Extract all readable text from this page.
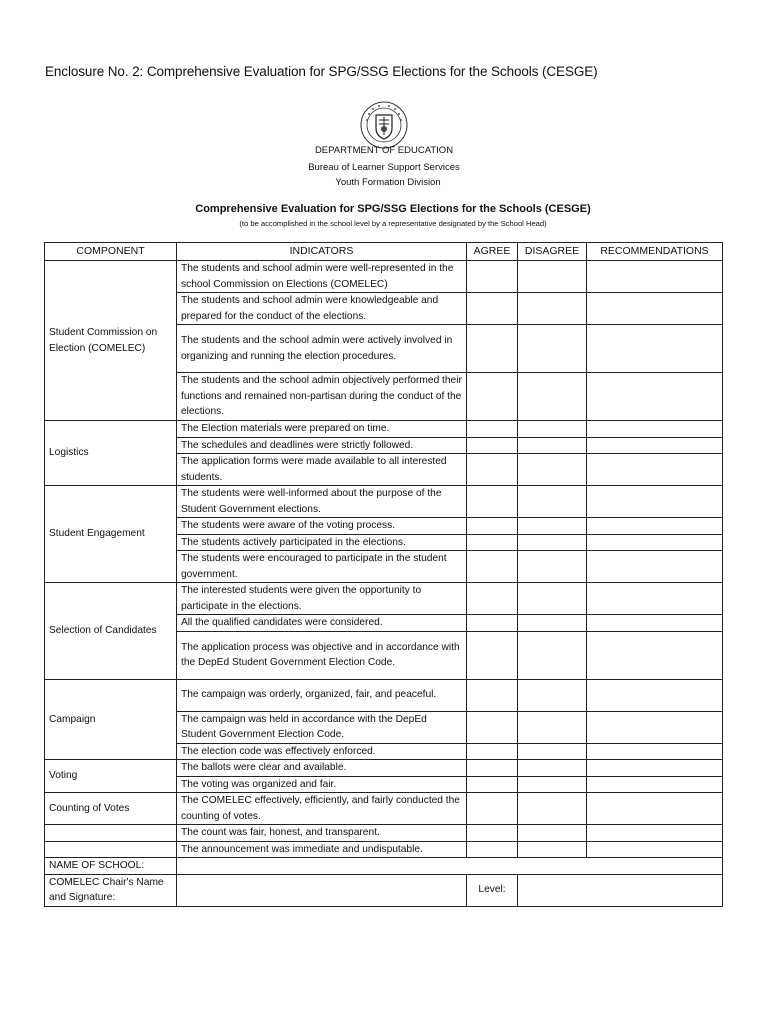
Enclosure No. 2: Comprehensive Evaluation for SPG/SSG Elections for the Schools (CESGE)
DEPARTMENT OF EDUCATION
Bureau of Learner Support Services
Youth Formation Division
Comprehensive Evaluation for SPG/SSG Elections for the Schools (CESGE)
(to be accomplished in the school level by a representative designated by the School Head)
COMPONENT	INDICATORS	AGREE	DISAGREE	RECOMMENDATIONS
Student Commission on Election (COMELEC)	The students and school admin were well-represented in the school Commission on Elections (COMELEC)			
	The students and school admin were knowledgeable and prepared for the conduct of the elections.			
	The students and the school admin were actively involved in organizing and running the election procedures.			
	The students and the school admin objectively performed their functions and remained non-partisan during the conduct of the elections.			
Logistics	The Election materials were prepared on time.			
	The schedules and deadlines were strictly followed.			
	The application forms were made available to all interested students.			
Student Engagement	The students were well-informed about the purpose of the Student Government elections.			
	The students were aware of the voting process.			
	The students actively participated in the elections.			
	The students were encouraged to participate in the student government.			
Selection of Candidates	The interested students were given the opportunity to participate in the elections.			
	All the qualified candidates were considered.			
	The application process was objective and in accordance with the DepEd Student Government Election Code.			
Campaign	The campaign was orderly, organized, fair, and peaceful.			
	The campaign was held in accordance with the DepEd Student Government Election Code.			
	The election code was effectively enforced.			
Voting	The ballots were clear and available.			
	The voting was organized and fair.			
Counting of Votes	The COMELEC effectively, efficiently, and fairly conducted the counting of votes.			
	The count was fair, honest, and transparent.			
	The announcement was immediate and undisputable.			
NAME OF SCHOOL:				
COMELEC Chair's Name and Signature:		Level:		
